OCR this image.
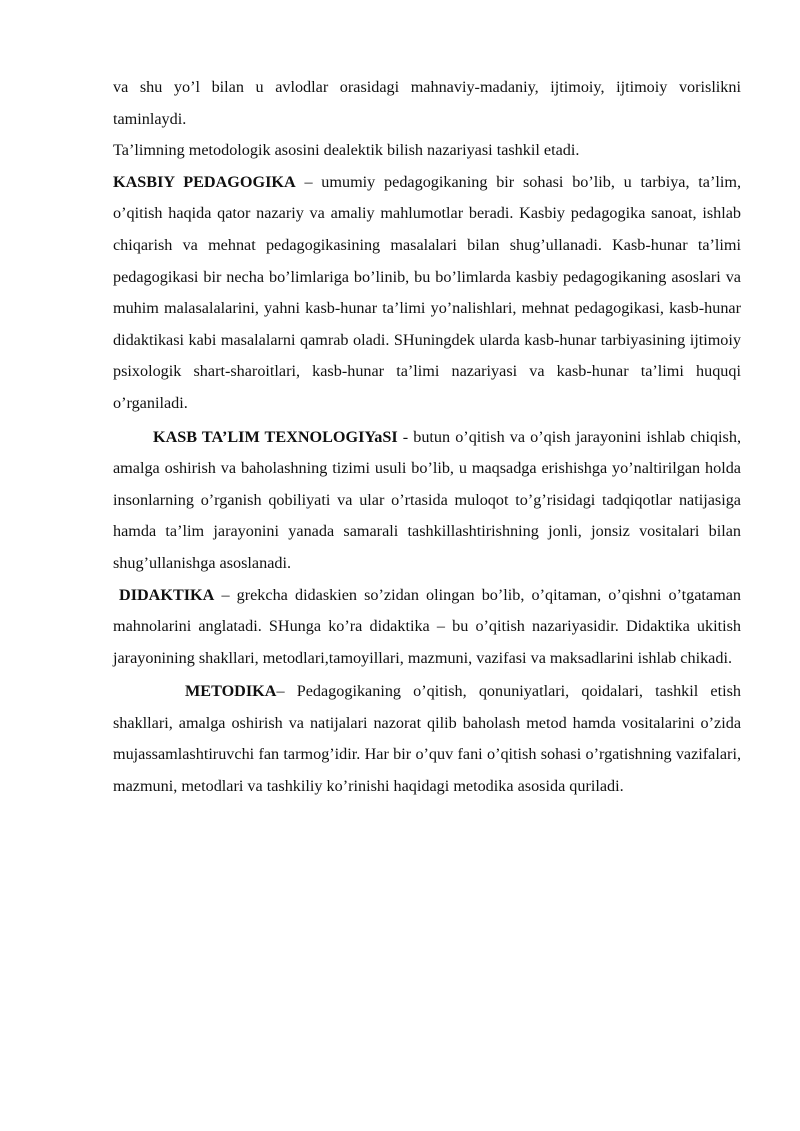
va shu yo’l bilan u avlodlar orasidagi mahnaviy-madaniy, ijtimoiy, ijtimoiy vorislikni taminlaydi.

Ta’limning metodologik asosini dealektik bilish nazariyasi tashkil etadi.

KASBIY PEDAGOGIKA – umumiy pedagogikaning bir sohasi bo’lib, u tarbiya, ta’lim, o’qitish haqida qator nazariy va amaliy mahlumotlar beradi. Kasbiy pedagogika sanoat, ishlab chiqarish va mehnat pedagogikasining masalalari bilan shug’ullanadi. Kasb-hunar ta’limi pedagogikasi bir necha bo’limlariga bo’linib, bu bo’limlarda kasbiy pedagogikaning asoslari va muhim malasalalarini, yahni kasb-hunar ta’limi yo’nalishlari, mehnat pedagogikasi, kasb-hunar didaktikasi kabi masalalarni qamrab oladi. SHuningdek ularda kasb-hunar tarbiyasining ijtimoiy psixologik shart-sharoitlari, kasb-hunar ta’limi nazariyasi va kasb-hunar ta’limi huquqi o’rganiladi.

KASB TA’LIM TEXNOLOGIYaSI - butun o’qitish va o’qish jarayonini ishlab chiqish, amalga oshirish va baholashning tizimi usuli bo’lib, u maqsadga erishishga yo’naltirilgan holda insonlarning o’rganish qobiliyati va ular o’rtasida muloqot to’g’risidagi tadqiqotlar natijasiga hamda ta’lim jarayonini yanada samarali tashkillashtirishning jonli, jonsiz vositalari bilan shug’ullanishga asoslanadi.

DIDAKTIKA – grekcha didaskien so’zidan olingan bo’lib, o’qitaman, o’qishni o’tgataman mahnolarini anglatadi. SHunga ko’ra didaktika – bu o’qitish nazariyasidir. Didaktika ukitish jarayonining shakllari, metodlari,tamoyillari, mazmuni, vazifasi va maksadlarini ishlab chikadi.

METODIKA– Pedagogikaning o’qitish, qonuniyatlari, qoidalari, tashkil etish shakllari, amalga oshirish va natijalari nazorat qilib baholash metod hamda vositalarini o’zida mujassamlashtiruvchi fan tarmog’idir. Har bir o’quv fani o’qitish sohasi o’rgatishning vazifalari, mazmuni, metodlari va tashkiliy ko’rinishi haqidagi metodika asosida quriladi.
